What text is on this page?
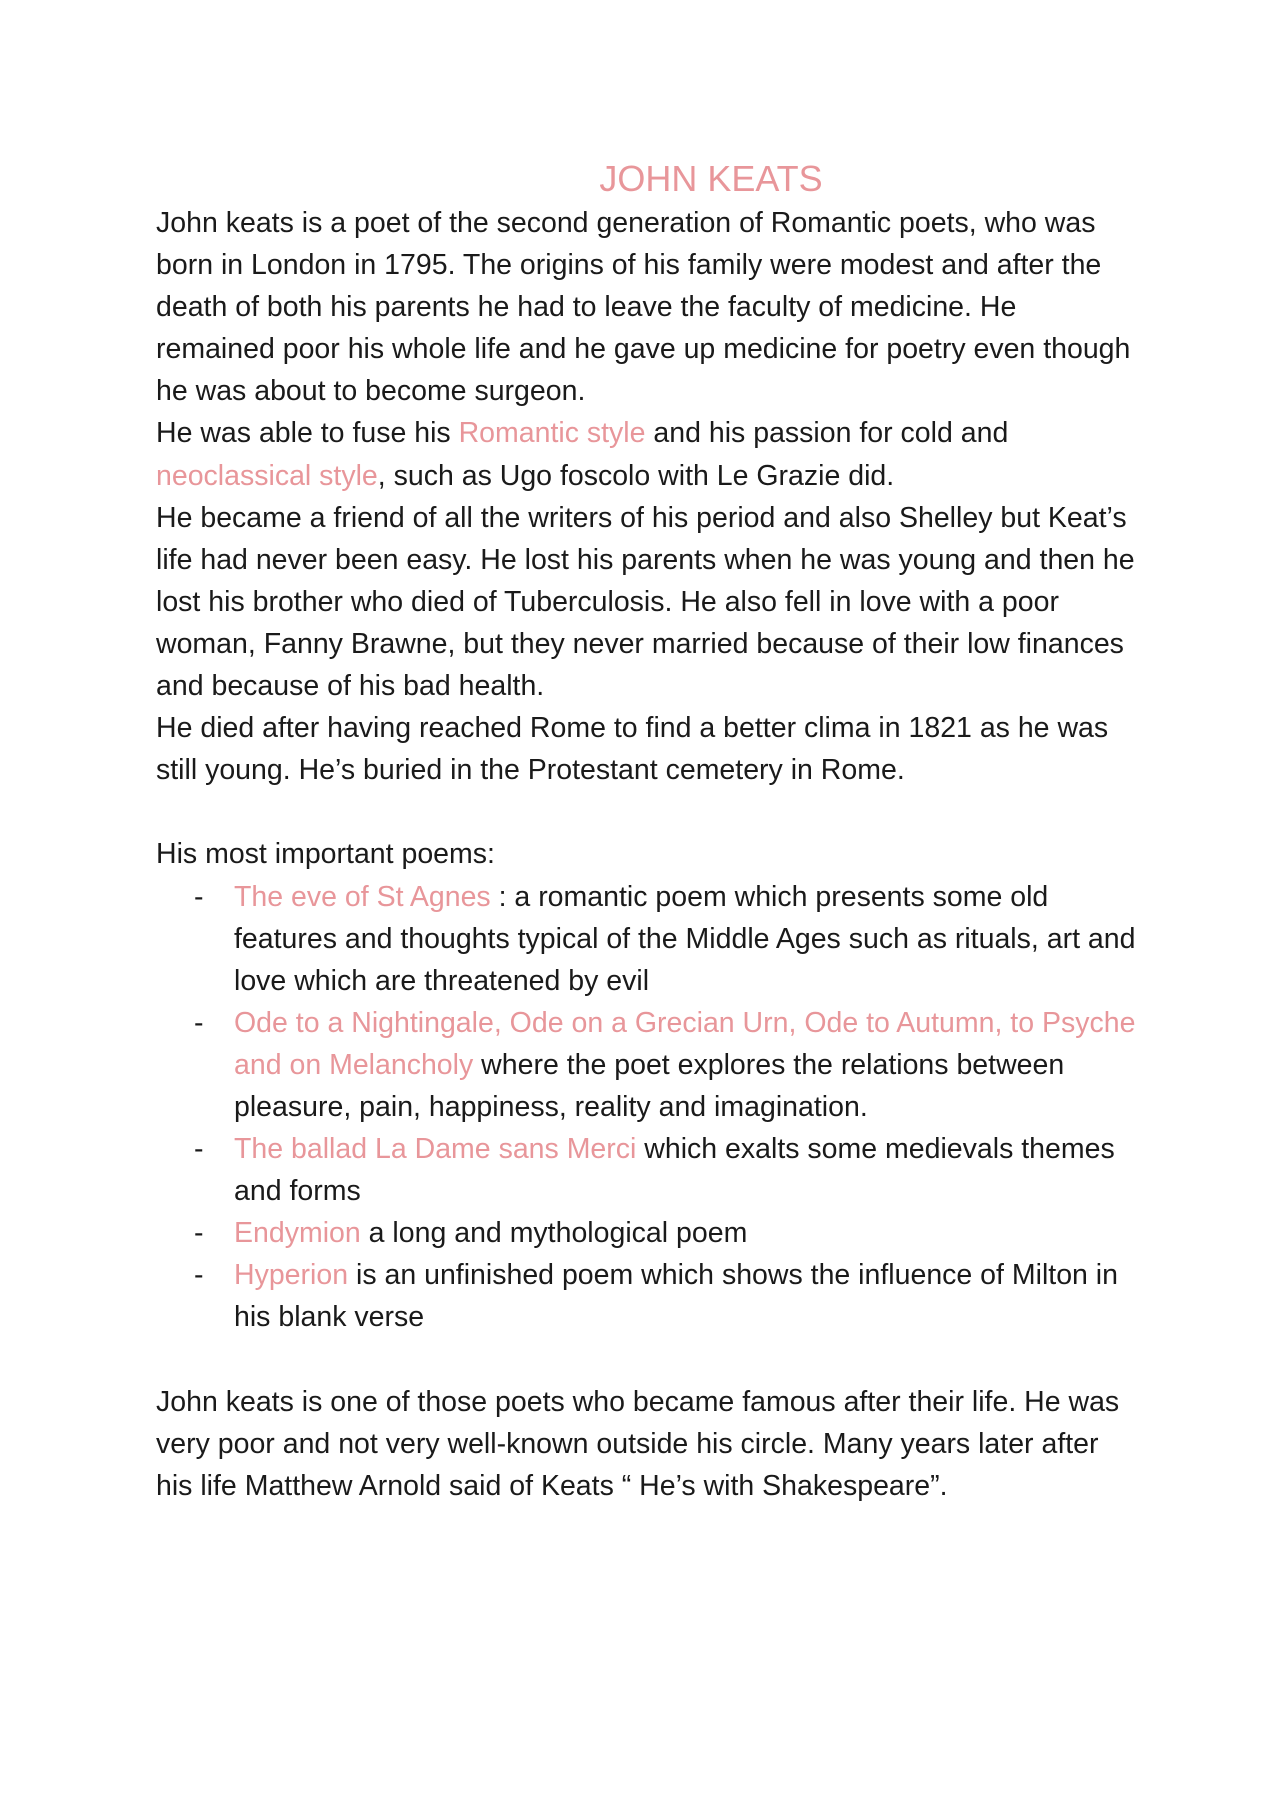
JOHN KEATS

John keats is a poet of the second generation of Romantic poets, who was born in London in 1795. The origins of his family were modest and after the death of both his parents he had to leave the faculty of medicine. He remained poor his whole life and he gave up medicine for poetry even though he was about to become surgeon.

He was able to fuse his Romantic style and his passion for cold and neoclassical style, such as Ugo foscolo with Le Grazie did.

He became a friend of all the writers of his period and also Shelley but Keat’s life had never been easy. He lost his parents when he was young and then he lost his brother who died of Tuberculosis. He also fell in love with a poor woman, Fanny Brawne, but they never married because of their low finances and because of his bad health.

He died after having reached Rome to find a better clima in 1821 as he was still young. He’s buried in the Protestant cemetery in Rome.

His most important poems:

- The eve of St Agnes : a romantic poem which presents some old features and thoughts typical of the Middle Ages such as rituals, art and love which are threatened by evil
- Ode to a Nightingale, Ode on a Grecian Urn, Ode to Autumn, to Psyche and on Melancholy where the poet explores the relations between pleasure, pain, happiness, reality and imagination.
- The ballad La Dame sans Merci which exalts some medievals themes and forms
- Endymion a long and mythological poem
- Hyperion is an unfinished poem which shows the influence of Milton in his blank verse

John keats is one of those poets who became famous after their life. He was very poor and not very well-known outside his circle. Many years later after his life Matthew Arnold said of Keats “ He’s with Shakespeare”.
